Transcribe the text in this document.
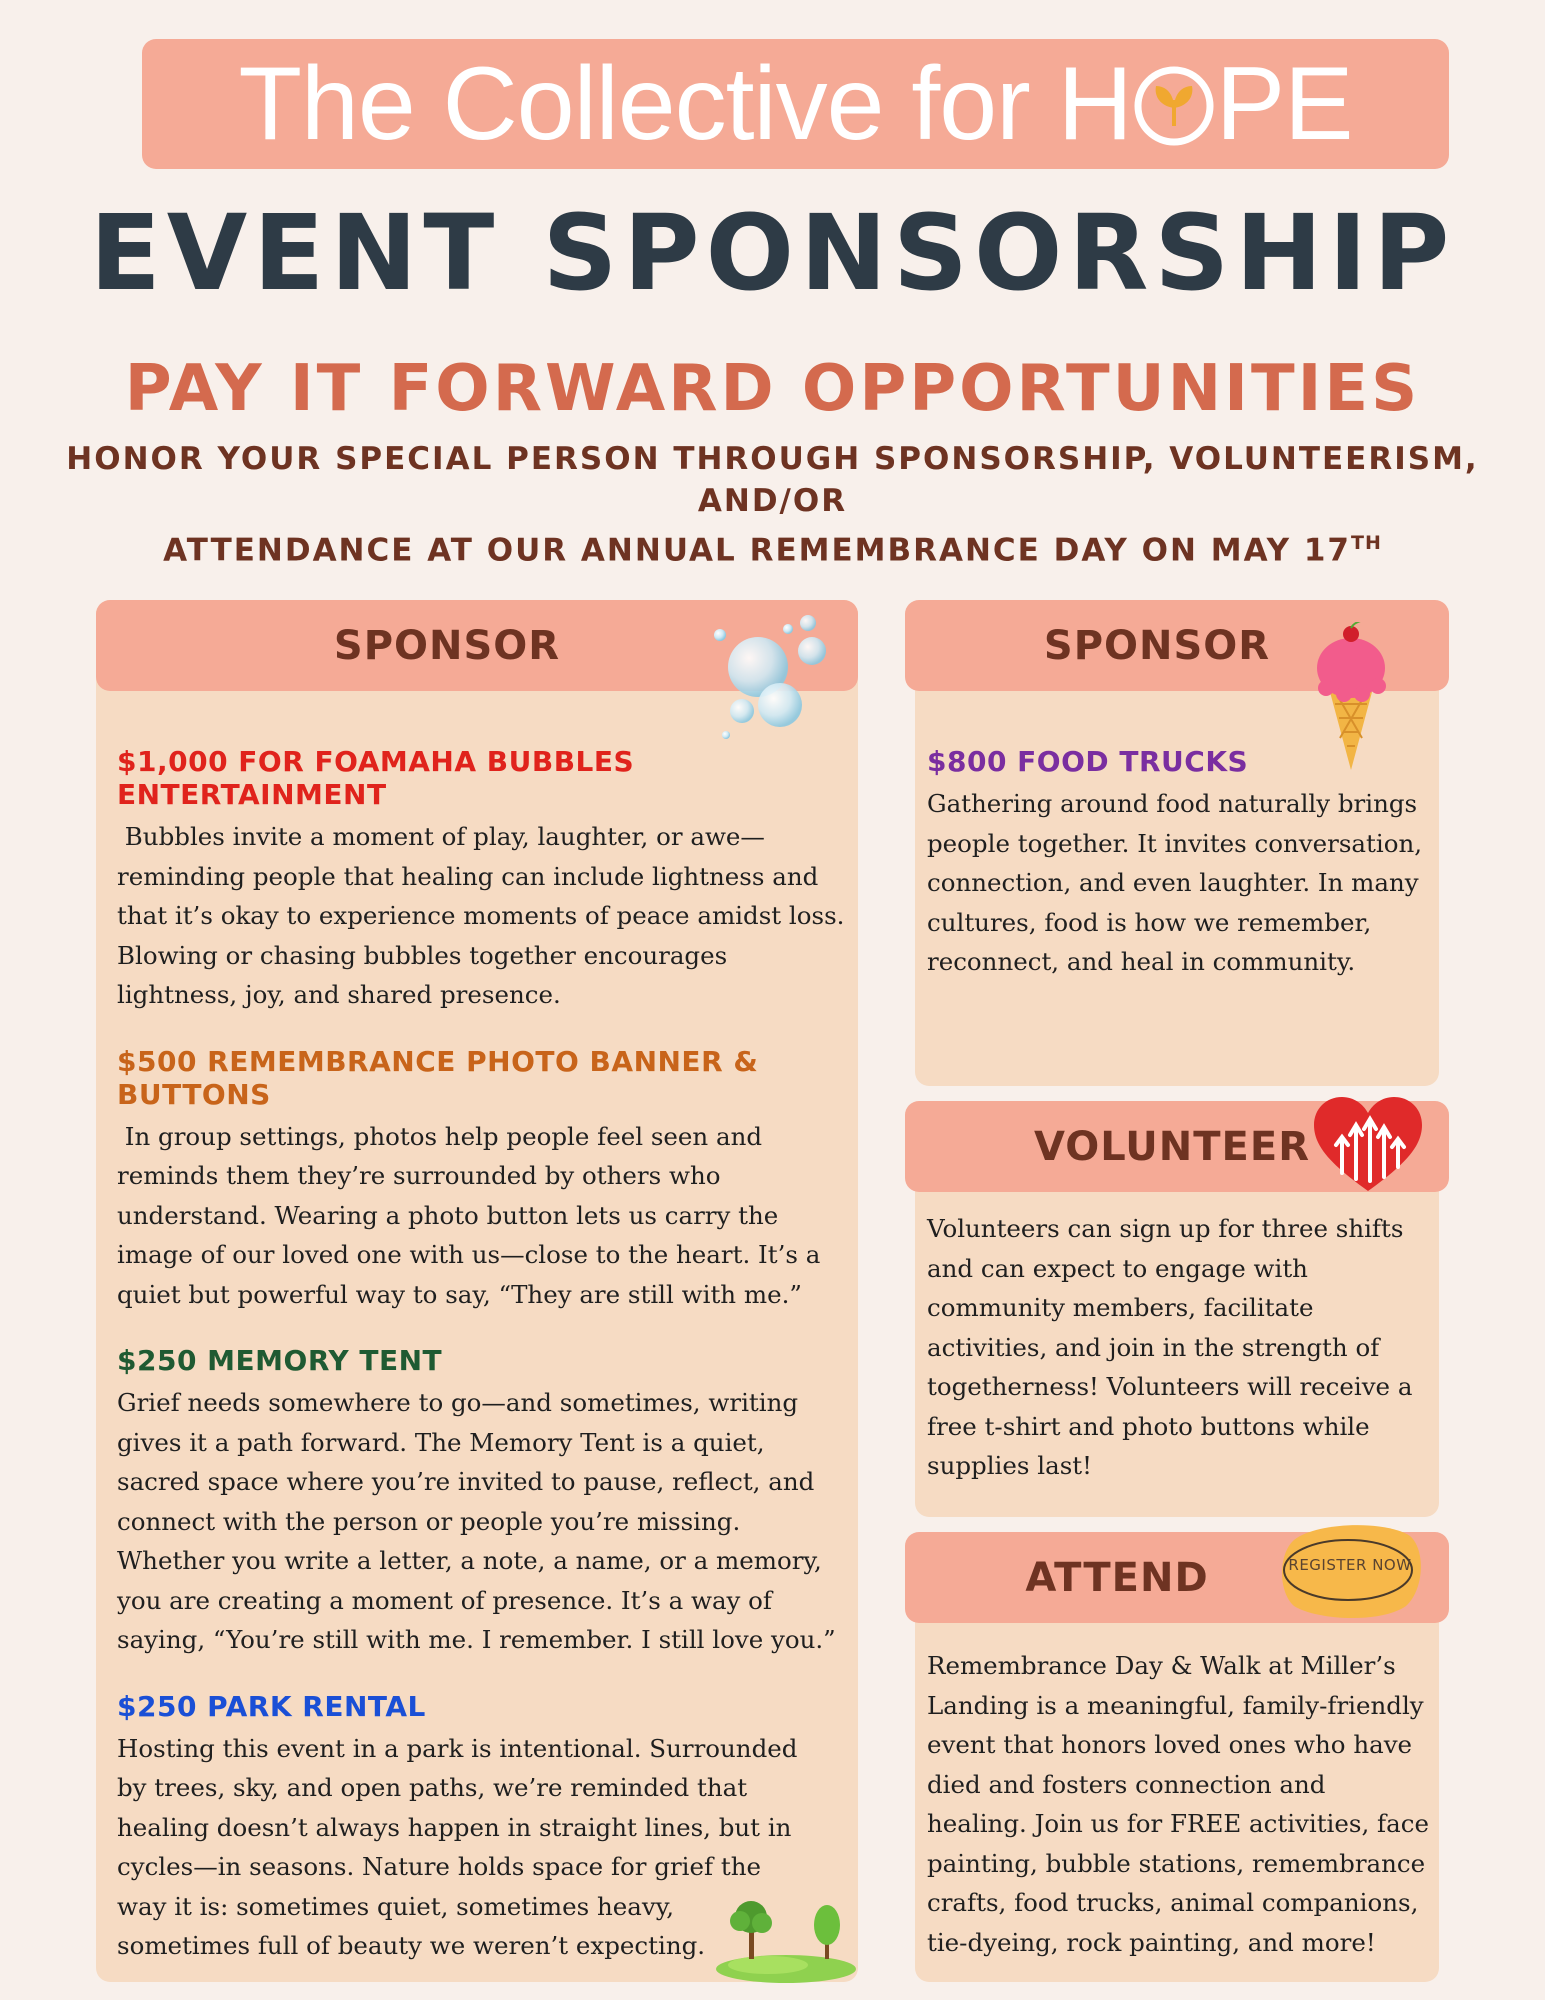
The Collective for H PE
EVENT SPONSORSHIP
PAY IT FORWARD OPPORTUNITIES
HONOR YOUR SPECIAL PERSON THROUGH SPONSORSHIP, VOLUNTEERISM, AND/OR
ATTENDANCE AT OUR ANNUAL REMEMBRANCE DAY ON MAY 17TH
SPONSOR
$1,000 FOR FOAMAHA BUBBLES ENTERTAINMENT

Bubbles invite a moment of play, laughter, or awe— reminding people that healing can include lightness and that it’s okay to experience moments of peace amidst loss. Blowing or chasing bubbles together encourages lightness, joy, and shared presence.

$500 REMEMBRANCE PHOTO BANNER & BUTTONS

In group settings, photos help people feel seen and reminds them they’re surrounded by others who understand. Wearing a photo button lets us carry the image of our loved one with us—close to the heart. It’s a quiet but powerful way to say, “They are still with me.”

$250 MEMORY TENT

Grief needs somewhere to go—and sometimes, writing gives it a path forward. The Memory Tent is a quiet, sacred space where you’re invited to pause, reflect, and connect with the person or people you’re missing. Whether you write a letter, a note, a name, or a memory, you are creating a moment of presence. It’s a way of saying, “You’re still with me. I remember. I still love you.”

$250 PARK RENTAL

Hosting this event in a park is intentional. Surrounded by trees, sky, and open paths, we’re reminded that healing doesn’t always happen in straight lines, but in cycles—in seasons. Nature holds space for grief the way it is: sometimes quiet, sometimes heavy, sometimes full of beauty we weren’t expecting.

SPONSOR
$800 FOOD TRUCKS

Gathering around food naturally brings people together. It invites conversation, connection, and even laughter. In many cultures, food is how we remember, reconnect, and heal in community.

VOLUNTEER

Volunteers can sign up for three shifts and can expect to engage with community members, facilitate activities, and join in the strength of togetherness! Volunteers will receive a free t-shirt and photo buttons while supplies last!

ATTEND	REGISTER NOW

Remembrance Day & Walk at Miller’s Landing is a meaningful, family-friendly event that honors loved ones who have died and fosters connection and healing. Join us for FREE activities, face painting, bubble stations, remembrance crafts, food trucks, animal companions, tie-dyeing, rock painting, and more!
